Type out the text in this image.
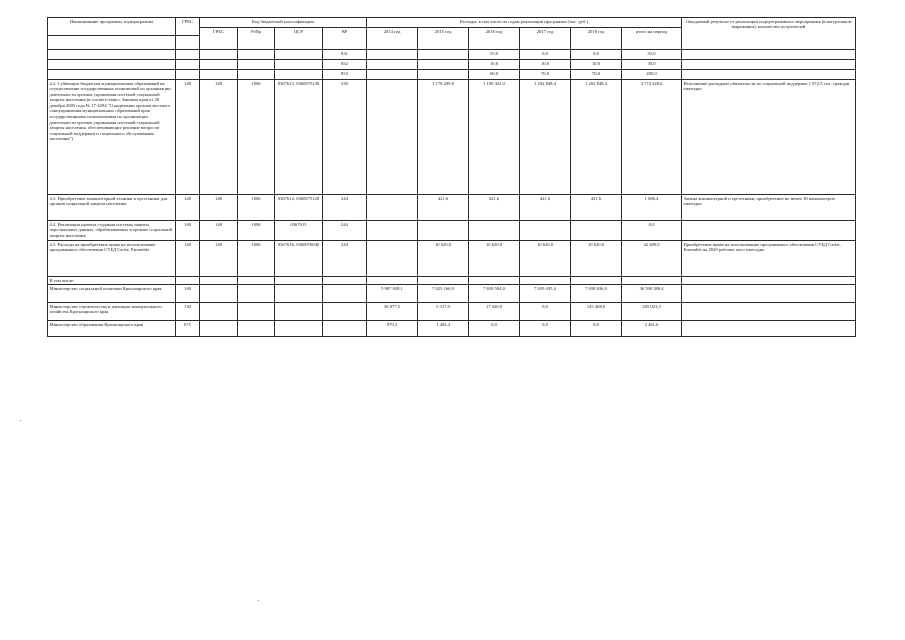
Наименование программы, подпрограммы	ГРБС	Код бюджетной классификации				Расходы, в том числе по годам реализации программы (тыс. руб.)						Ожидаемый результат от реализации подпрограммного мероприятия (в натуральном выражении), количество получателей
		ГРБС	РзПр	ЦСР	ВР	2014 год	2015 год	2016 год	2017 год	2018 год	итого на период	

					831			55,0	0,0	0,0	55,0	
					852			10,0	10,0	10,0	30,0	
					853			60,0	70,0	70,0	200,0	
4.2. Субвенции бюджетам муниципальных образований на осуществление государственных полномочий по организации деятельности органов управления системой социальной защиты населения (в соответствии с Законом края от 20 декабря 2005 года № 17-4294 "О наделении органов местного самоуправления муниципальных образований края государственными полномочиями по организации деятельности органов управления системой социальной защиты населения, обеспечивающих решение вопросов социальной поддержки и социального обслуживания населения")	148	148	1006	0367613, 0360075130	530		1 178 209,8	1 190 422,0	1 202 848,4	1 202 848,4	4 774 328,6	Исполнение расходных обязательств по социальной поддержке 1 972,5 тыс. граждан ежегодно
4.3. Приобретение компьютерной техники и оргтехники для органов социальной защиты населения	148	148	1006	0367612, 0360075120	244		421,6	421,6	421,6	421,6	1 686,4	Замена компьютерной и оргтехники, приобретение не менее 30 компьютеров ежегодно
4.4. Реализация проекта создания системы защиты персональных данных, обрабатываемых в органах социальной защиты населения	148	148	1006	0367615	244						0,0	
4.5. Расходы на приобретение права на использование программного обеспечения СУБД Cache, Ensemble	148	148	1006	0367616, 0360076040	244		10 620,0	10 620,0	10 620,0	10 620,0	42 480,0	Приобретение права на использование программного обеспечения СУБД Cache, Ensemble на 2026 рабочих мест ежегодно
В том числе:												
Министерство социальной политики Красноярского края	148					5 987 638,1	7 625 166,9	7 659 504,0	7 659 435,4	7 658 636,9	36 590 380,4	
Министерство строительства и жилищно-коммунального хозяйства Красноярского края	130					36 877,5	5 317,0	17 420,0	0,0	145 408,0	205 023,3	
Министерство образования Красноярского края	075					979,2	1 482,4	0,0	0,0	0,0	2 461,6	
